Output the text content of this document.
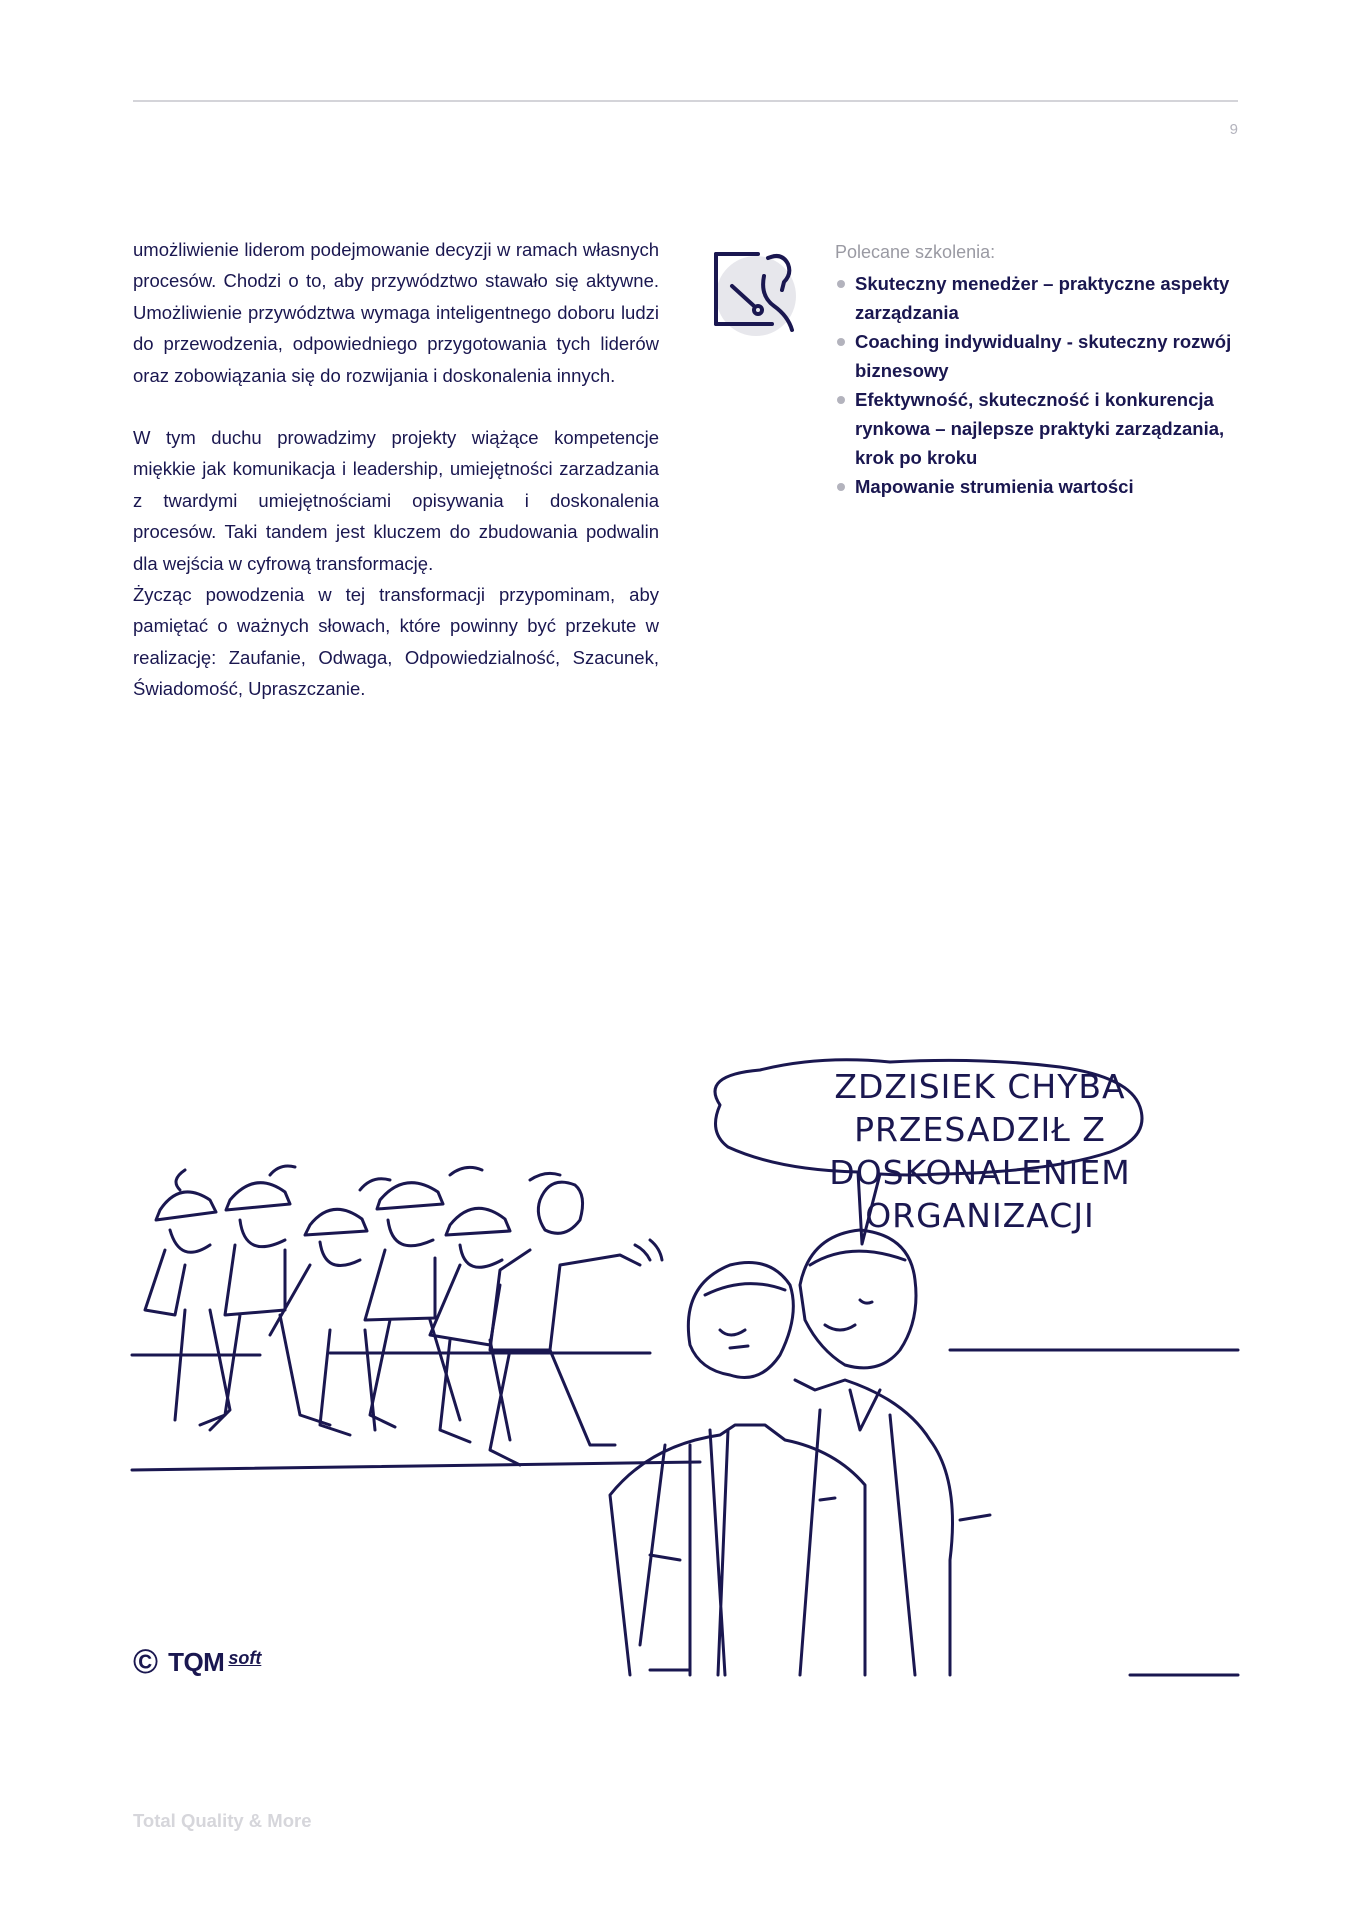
9

umożliwienie liderom podejmowanie decyzji w ramach własnych procesów. Chodzi o to, aby przywództwo stawało się aktywne. Umożliwienie przywództwa wymaga inteligentnego doboru ludzi do przewodzenia, odpowiedniego przygotowania tych liderów oraz zobowiązania się do rozwijania i doskonalenia innych.

W tym duchu prowadzimy projekty wiążące kompetencje miękkie jak komunikacja i leadership, umiejętności zarzadzania z twardymi umiejętnościami opisywania i doskonalenia procesów. Taki tandem jest kluczem do zbudowania podwalin dla wejścia w cyfrową transformację.

Życząc powodzenia w tej transformacji przypominam, aby pamiętać o ważnych słowach, które powinny być przekute w realizację: Zaufanie, Odwaga, Odpowiedzialność, Szacunek, Świadomość, Upraszczanie.

Polecane szkolenia:
Skuteczny menedżer – praktyczne aspekty zarządzania
Coaching indywidualny - skuteczny rozwój biznesowy
Efektywność, skuteczność i konkurencja rynkowa – najlepsze praktyki zarządzania, krok po kroku
Mapowanie strumienia wartości
ZDZISIEK CHYBA
PRZESADZIŁ Z DOSKONALENIEM
ORGANIZACJI
© TQM soft
Total Quality & More
